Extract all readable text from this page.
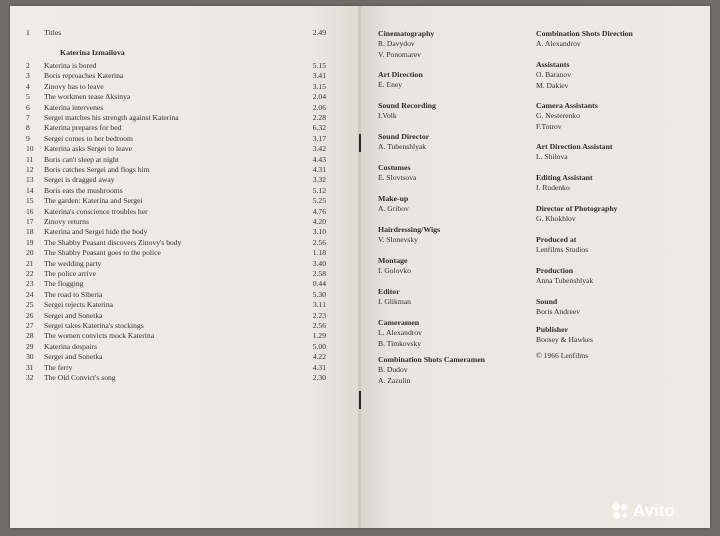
1	Titles	2.49
2	Katerina is bored	5.15
3	Boris reproaches Katerina	3.41
4	Zinovy has to leave	3.15
5	The workmen tease Aksinya	2.04
6	Katerina intervenes	2.06
7	Sergei matches his strength against Katerina	2.28
8	Katerina prepares for bed	6.32
9	Sergei comes to her bedroom	3.17
10	Katerina asks Sergei to leave	3.42
11	Boris can't sleep at night	4.43
12	Boris catches Sergei and flogs him	4.31
13	Sergei is dragged away	3.32
14	Boris eats the mushrooms	5.12
15	The garden: Katerina and Sergei	5.25
16	Katerina's conscience troubles her	4.76
17	Zinovy returns	4.20
18	Katerina and Sergei hide the body	3.10
19	The Shabby Peasant discovers Zinovy's body	2.56
20	The Shabby Peasant goes to the police	1.18
21	The wedding party	3.40
22	The police arrive	2.58
23	The flogging	0.44
24	The road to Siberia	5.30
25	Sergei rejects Katerina	3.11
26	Sergei and Sonetka	2.23
27	Sergei takes Katerina's stockings	2.56
28	The women convicts mock Katerina	1.29
29	Katerina despairs	5.00
30	Sergei and Sonetka	4.22
31	The ferry	4.31
32	The Old Convict's song	2.30
Katerina Izmailova
Cinematography
R. Davydov
V. Ponomarev
Art Direction
E. Eney
Sound Recording
I.Volk
Sound Director
A. Tubenshlyak
Costumes
E. Slovtsova
Make-up
A. Gribov
Hairdressing/Wigs
V. Slonevsky
Montage
I. Golovko
Editor
I. Glikman
Cameramen
L. Alexandrov
B. Timkovsky
Combination Shots Cameramen
B. Dudov
A. Zazulin
Combination Shots Direction
A. Alexandrov
Assistants
O. Baranov
M. Dakiev
Camera Assistants
G. Nesterenko
F.Totrov
Art Direction Assistant
L. Shilova
Editing Assistant
I. Rudenko
Director of Photography
G. Khokhlov
Produced at
Lenfilms Studios
Production
Anna Tubenshlyak
Sound
Boris Andreev
Publisher
Boosey & Hawkes
© 1966 Lenfilms
Avito
